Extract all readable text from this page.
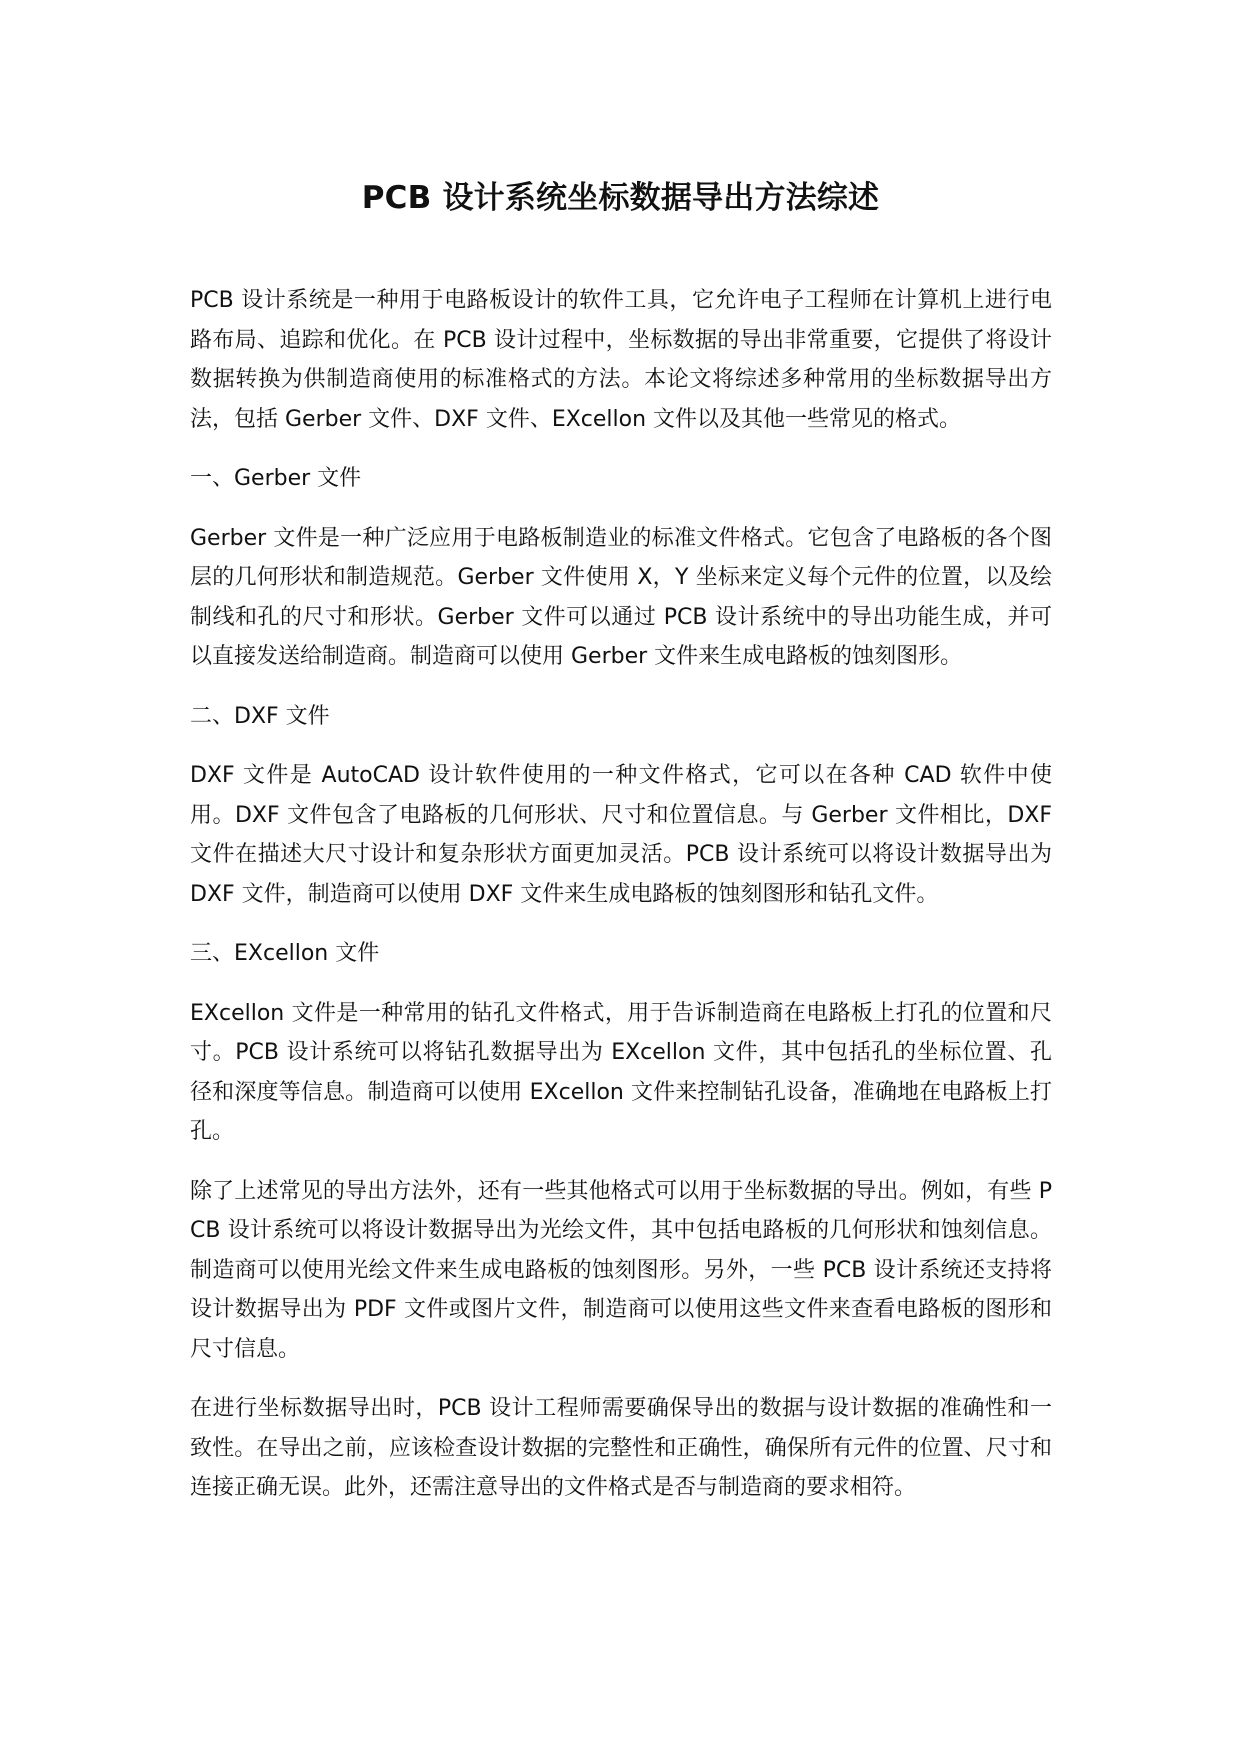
PCB 设计系统坐标数据导出方法综述

PCB 设计系统是一种用于电路板设计的软件工具，它允许电子工程师在计算机上进行电路布局、追踪和优化。在 PCB 设计过程中，坐标数据的导出非常重要，它提供了将设计数据转换为供制造商使用的标准格式的方法。本论文将综述多种常用的坐标数据导出方法，包括 Gerber 文件、DXF 文件、EXcellon 文件以及其他一些常见的格式。

一、Gerber 文件

Gerber 文件是一种广泛应用于电路板制造业的标准文件格式。它包含了电路板的各个图层的几何形状和制造规范。Gerber 文件使用 X，Y 坐标来定义每个元件的位置，以及绘制线和孔的尺寸和形状。Gerber 文件可以通过 PCB 设计系统中的导出功能生成，并可以直接发送给制造商。制造商可以使用 Gerber 文件来生成电路板的蚀刻图形。

二、DXF 文件

DXF 文件是 AutoCAD 设计软件使用的一种文件格式，它可以在各种 CAD 软件中使用。DXF 文件包含了电路板的几何形状、尺寸和位置信息。与 Gerber 文件相比，DXF 文件在描述大尺寸设计和复杂形状方面更加灵活。PCB 设计系统可以将设计数据导出为 DXF 文件，制造商可以使用 DXF 文件来生成电路板的蚀刻图形和钻孔文件。

三、EXcellon 文件

EXcellon 文件是一种常用的钻孔文件格式，用于告诉制造商在电路板上打孔的位置和尺寸。PCB 设计系统可以将钻孔数据导出为 EXcellon 文件，其中包括孔的坐标位置、孔径和深度等信息。制造商可以使用 EXcellon 文件来控制钻孔设备，准确地在电路板上打孔。

除了上述常见的导出方法外，还有一些其他格式可以用于坐标数据的导出。例如，有些 PCB 设计系统可以将设计数据导出为光绘文件，其中包括电路板的几何形状和蚀刻信息。制造商可以使用光绘文件来生成电路板的蚀刻图形。另外，一些 PCB 设计系统还支持将设计数据导出为 PDF 文件或图片文件，制造商可以使用这些文件来查看电路板的图形和尺寸信息。

在进行坐标数据导出时，PCB 设计工程师需要确保导出的数据与设计数据的准确性和一致性。在导出之前，应该检查设计数据的完整性和正确性，确保所有元件的位置、尺寸和连接正确无误。此外，还需注意导出的文件格式是否与制造商的要求相符。
